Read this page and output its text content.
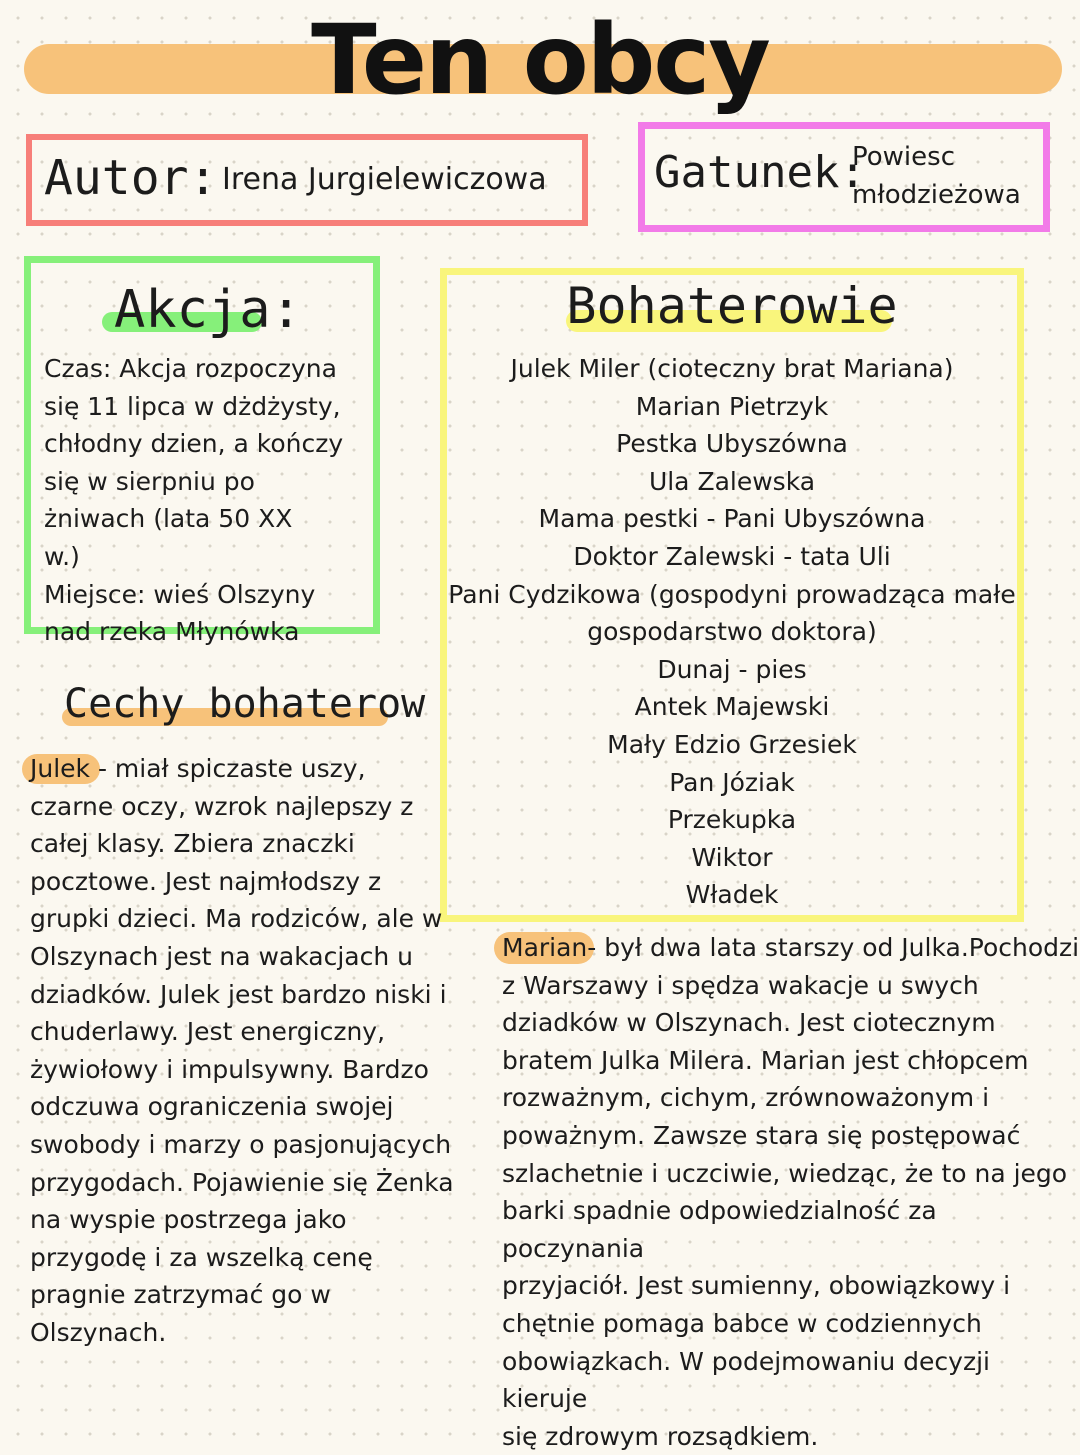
Ten obcy
Autor: Irena Jurgielewiczowa Gatunek:
Powiesc
młodzieżowa
Akcja:
Czas: Akcja rozpoczyna
się 11 lipca w dżdżysty,
chłodny dzien, a kończy
się w sierpniu po
żniwach (lata 50 XX
w.)
Miejsce: wieś Olszyny
nad rzeka Młynówka
Bohaterowie
Julek Miler (cioteczny brat Mariana)
Marian Pietrzyk
Pestka Ubyszówna
Ula Zalewska
Mama pestki - Pani Ubyszówna
Doktor Zalewski - tata Uli
Pani Cydzikowa (gospodyni prowadząca małe
gospodarstwo doktora)
Dunaj - pies
Antek Majewski
Mały Edzio Grzesiek
Pan Józiak
Przekupka
Wiktor
Władek
Cechy bohaterow
Julek - miał spiczaste uszy,
czarne oczy, wzrok najlepszy z
całej klasy. Zbiera znaczki
pocztowe. Jest najmłodszy z
grupki dzieci. Ma rodziców, ale w
Olszynach jest na wakacjach u
dziadków. Julek jest bardzo niski i
chuderlawy. Jest energiczny,
żywiołowy i impulsywny. Bardzo
odczuwa ograniczenia swojej
swobody i marzy o pasjonujących
przygodach. Pojawienie się Żenka
na wyspie postrzega jako
przygodę i za wszelką cenę
pragnie zatrzymać go w
Olszynach.
Marian- był dwa lata starszy od Julka.Pochodzi
z Warszawy i spędza wakacje u swych
dziadków w Olszynach. Jest ciotecznym
bratem Julka Milera. Marian jest chłopcem
rozważnym, cichym, zrównoważonym i
poważnym. Zawsze stara się postępować
szlachetnie i uczciwie, wiedząc, że to na jego
barki spadnie odpowiedzialność za poczynania
przyjaciół. Jest sumienny, obowiązkowy i
chętnie pomaga babce w codziennych
obowiązkach. W podejmowaniu decyzji kieruje
się zdrowym rozsądkiem.
